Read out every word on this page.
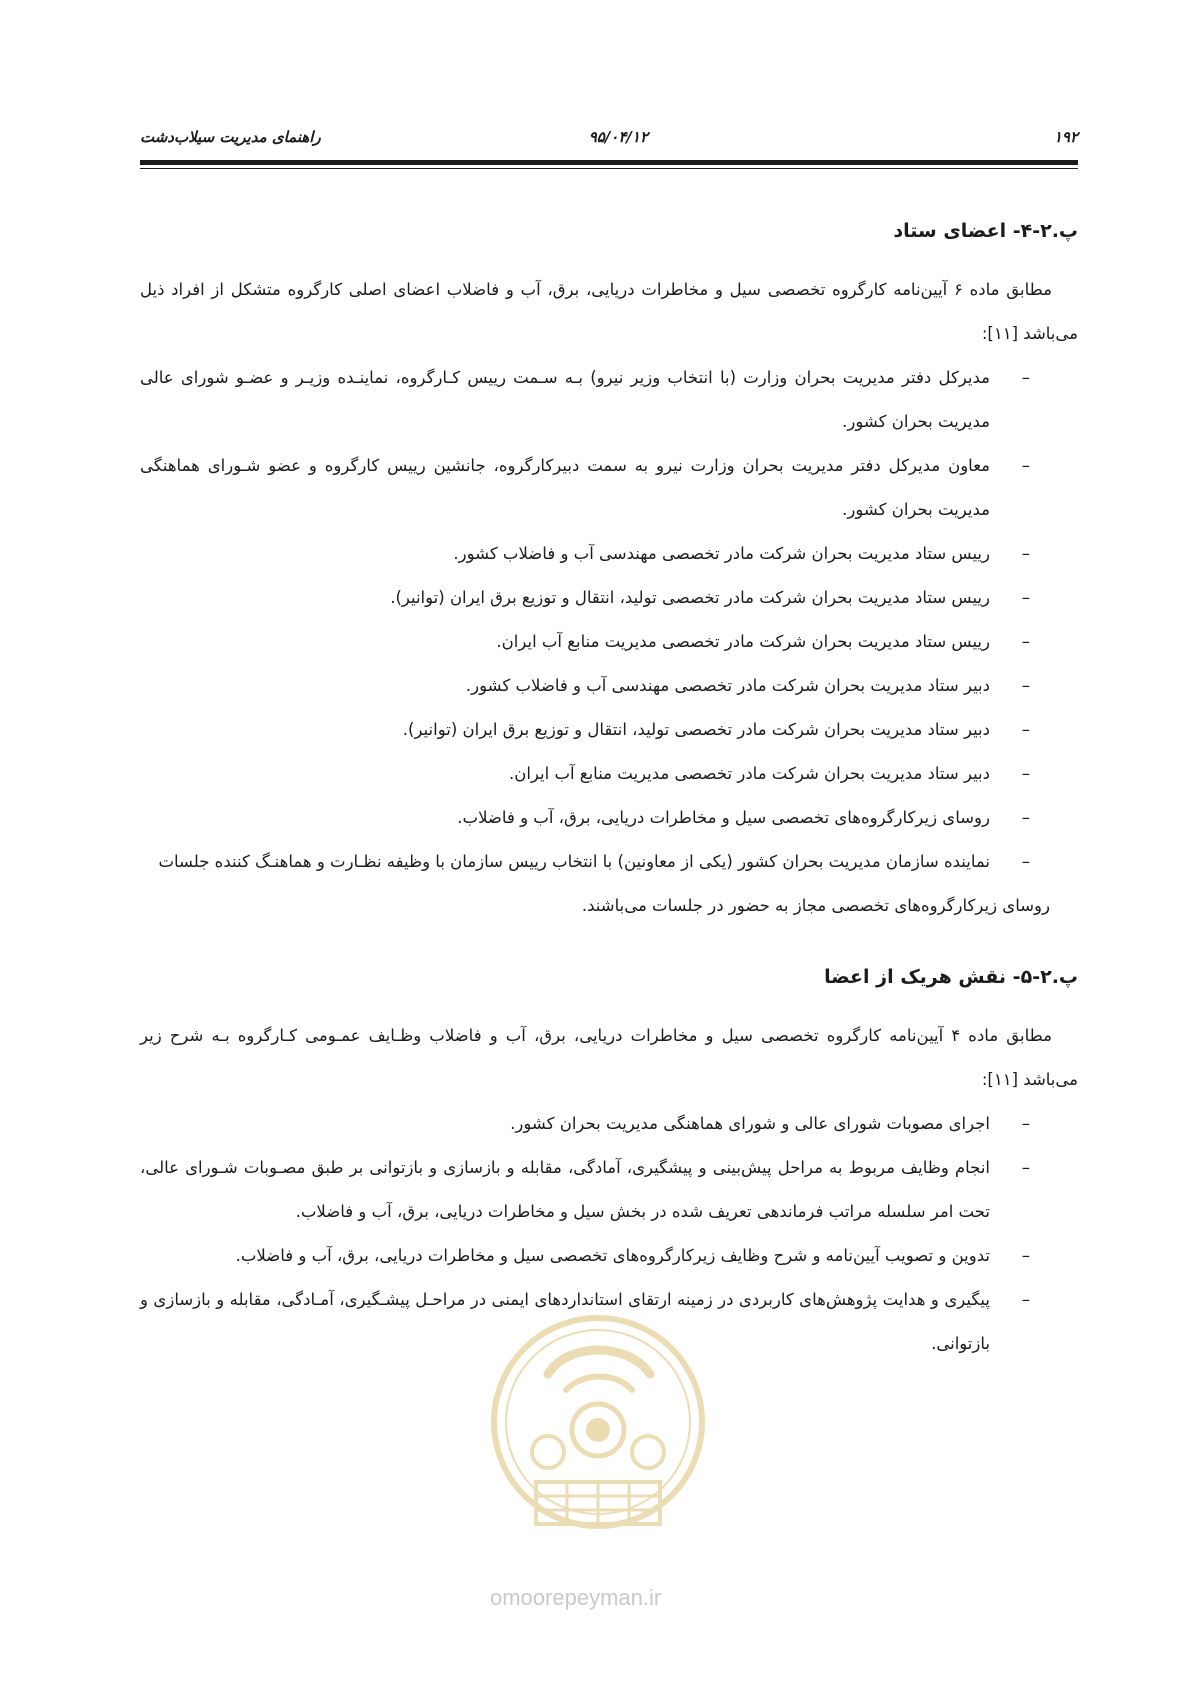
۱۹۲
۹۵/۰۴/۱۲
راهنمای مدیریت سیلاب‌دشت
پ.۲-۴- اعضای ستاد

مطابق ماده ۶ آیین‌نامه کارگروه تخصصی سیل و مخاطرات دریایی، برق، آب و فاضلاب اعضای اصلی کارگروه متشکل از افراد ذیل می‌باشد [۱۱]:

–
مدیرکل دفتر مدیریت بحران وزارت (با انتخاب وزیر نیرو) بـه سـمت رییس کـارگروه، نماینـده وزیـر و عضـو شورای عالی مدیریت بحران کشور.
–
معاون مدیرکل دفتر مدیریت بحران وزارت نیرو به سمت دبیرکارگروه، جانشین رییس کارگروه و عضو شـورای هماهنگی مدیریت بحران کشور.
–
رییس ستاد مدیریت بحران شرکت مادر تخصصی مهندسی آب و فاضلاب کشور.
–
رییس ستاد مدیریت بحران شرکت مادر تخصصی تولید، انتقال و توزیع برق ایران (توانیر).
–
رییس ستاد مدیریت بحران شرکت مادر تخصصی مدیریت منابع آب ایران.
–
دبیر ستاد مدیریت بحران شرکت مادر تخصصی مهندسی آب و فاضلاب کشور.
–
دبیر ستاد مدیریت بحران شرکت مادر تخصصی تولید، انتقال و توزیع برق ایران (توانیر).
–
دبیر ستاد مدیریت بحران شرکت مادر تخصصی مدیریت منابع آب ایران.
–
روسای زیرکارگروه‌های تخصصی سیل و مخاطرات دریایی، برق، آب و فاضلاب.
–
نماینده سازمان مدیریت بحران کشور (یکی از معاونین) با انتخاب رییس سازمان با وظیفه نظـارت و هماهنـگ کننده جلسات

روسای زیرکارگروه‌های تخصصی مجاز به حضور در جلسات می‌باشند.

پ.۲-۵- نقش هریک از اعضا

مطابق ماده ۴ آیین‌نامه کارگروه تخصصی سیل و مخاطرات دریایی، برق، آب و فاضلاب وظـایف عمـومی کـارگروه بـه شرح زیر می‌باشد [۱۱]:

–
اجرای مصوبات شورای عالی و شورای هماهنگی مدیریت بحران کشور.
–
انجام وظایف مربوط به مراحل پیش‌بینی و پیشگیری، آمادگی، مقابله و بازسازی و بازتوانی بر طبق مصـوبات شـورای عالی، تحت امر سلسله مراتب فرماندهی تعریف شده در بخش سیل و مخاطرات دریایی، برق، آب و فاضلاب.
–
تدوین و تصویب آیین‌نامه و شرح وظایف زیرکارگروه‌های تخصصی سیل و مخاطرات دریایی، برق، آب و فاضلاب.
–
پیگیری و هدایت پژوهش‌های کاربردی در زمینه ارتقای استانداردهای ایمنی در مراحـل پیشـگیری، آمـادگی، مقابله و بازسازی و بازتوانی.
omoorepeyman.ir
